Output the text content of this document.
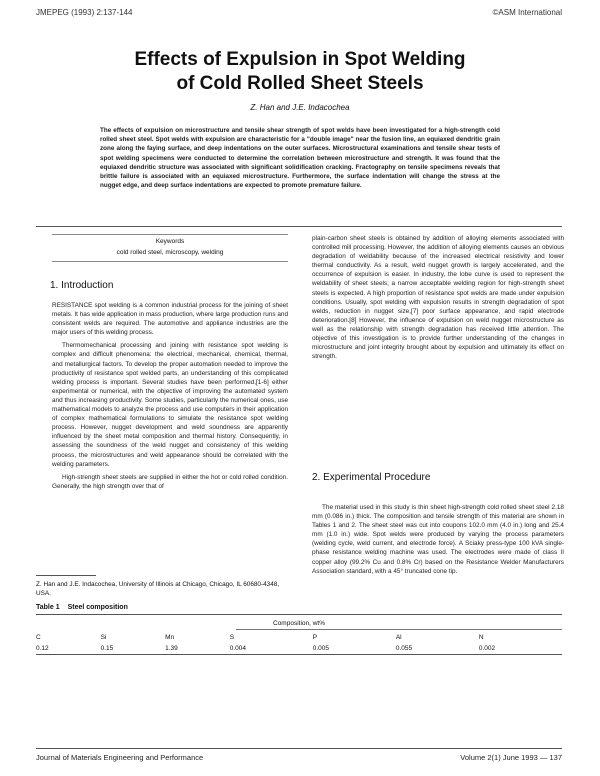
JMEPEG (1993) 2:137-144	©ASM International
Effects of Expulsion in Spot Welding
of Cold Rolled Sheet Steels
Z. Han and J.E. Indacochea
The effects of expulsion on microstructure and tensile shear strength of spot welds have been investigated for a high-strength cold rolled sheet steel. Spot welds with expulsion are characteristic for a "double image" near the fusion line, an equiaxed dendritic grain zone along the faying surface, and deep indentations on the outer surfaces. Microstructural examinations and tensile shear tests of spot welding specimens were conducted to determine the correlation between microstructure and strength. It was found that the equiaxed dendritic structure was associated with significant solidification cracking. Fractography on tensile specimens reveals that brittle failure is associated with an equiaxed microstructure. Furthermore, the surface indentation will change the stress at the nugget edge, and deep surface indentations are expected to promote premature failure.
Keywords
cold rolled steel, microscopy, welding
1. Introduction

RESISTANCE spot welding is a common industrial process for the joining of sheet metals. It has wide application in mass production, where large production runs and consistent welds are required. The automotive and appliance industries are the major users of this welding process.

Thermomechanical processing and joining with resistance spot welding is complex and difficult phenomena: the electrical, mechanical, chemical, thermal, and metallurgical factors. To develop the proper automation needed to improve the productivity of resistance spot welded parts, an understanding of this complicated welding process is important. Several studies have been performed,[1-6] either experimental or numerical, with the objective of improving the automated system and thus increasing productivity. Some studies, particularly the numerical ones, use mathematical models to analyze the process and use computers in their application of complex mathematical formulations to simulate the resistance spot welding process. However, nugget development and weld soundness are apparently influenced by the sheet metal composition and thermal history. Consequently, in assessing the soundness of the weld nugget and consistency of this welding process, the microstructures and weld appearance should be correlated with the welding parameters.

High-strength sheet steels are supplied in either the hot or cold rolled condition. Generally, the high strength over that of

plain-carbon sheet steels is obtained by addition of alloying elements associated with controlled mill processing. However, the addition of alloying elements causes an obvious degradation of weldability because of the increased electrical resistivity and lower thermal conductivity. As a result, weld nugget growth is largely accelerated, and the occurrence of expulsion is easier. In industry, the lobe curve is used to represent the weldability of sheet steels; a narrow acceptable welding region for high-strength sheet steels is expected. A high proportion of resistance spot welds are made under expulsion conditions. Usually, spot welding with expulsion results in strength degradation of spot welds, reduction in nugget size,[7] poor surface appearance, and rapid electrode deterioration.[8] However, the influence of expulsion on weld nugget microstructure as well as the relationship with strength degradation has received little attention. The objective of this investigation is to provide further understanding of the changes in microstructure and joint integrity brought about by expulsion and ultimately its effect on strength.

2. Experimental Procedure

The material used in this study is thin sheet high-strength cold rolled sheet steel 2.18 mm (0.086 in.) thick. The composition and tensile strength of this material are shown in Tables 1 and 2. The sheet steel was cut into coupons 102.0 mm (4.0 in.) long and 25.4 mm (1.0 in.) wide. Spot welds were produced by varying the process parameters (welding cycle, weld current, and electrode force). A Sciaky press-type 100 kVA single-phase resistance welding machine was used. The electrodes were made of class II copper alloy (99.2% Cu and 0.8% Cr) based on the Resistance Welder Manufacturers Association standard, with a 45° truncated cone tip.

Z. Han and J.E. Indacochea, University of Illinois at Chicago, Chicago, IL 60680-4348, USA.
Table 1 Steel composition
Composition, wt%
C	Si	Mn	S	P	Al	N
0.12	0.15	1.39	0.004	0.005	0.055	0.002
Journal of Materials Engineering and Performance	Volume 2(1) June 1993 — 137
